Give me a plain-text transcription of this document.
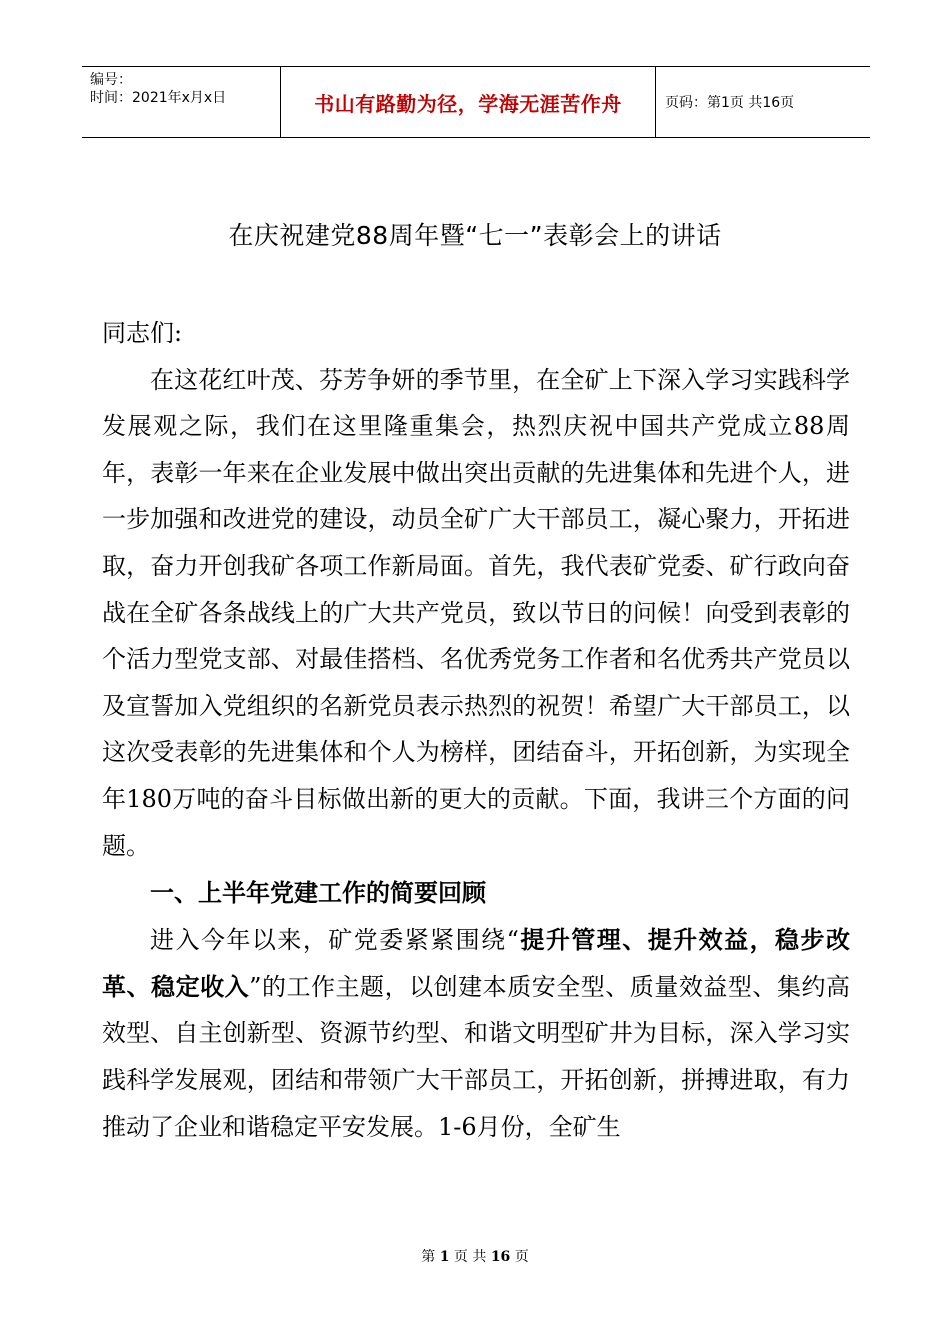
编号：
时间：2021年x月x日	书山有路勤为径，学海无涯苦作舟	页码：第1页 共16页
在庆祝建党88周年暨“七一”表彰会上的讲话

同志们:

在这花红叶茂、芬芳争妍的季节里，在全矿上下深入学习实践科学发展观之际，我们在这里隆重集会，热烈庆祝中国共产党成立88周年，表彰一年来在企业发展中做出突出贡献的先进集体和先进个人，进一步加强和改进党的建设，动员全矿广大干部员工，凝心聚力，开拓进取，奋力开创我矿各项工作新局面。首先，我代表矿党委、矿行政向奋战在全矿各条战线上的广大共产党员，致以节日的问候！向受到表彰的个活力型党支部、对最佳搭档、名优秀党务工作者和名优秀共产党员以及宣誓加入党组织的名新党员表示热烈的祝贺！希望广大干部员工，以这次受表彰的先进集体和个人为榜样，团结奋斗，开拓创新，为实现全年180万吨的奋斗目标做出新的更大的贡献。下面，我讲三个方面的问题。

一、上半年党建工作的简要回顾

进入今年以来，矿党委紧紧围绕“提升管理、提升效益，稳步改革、稳定收入”的工作主题，以创建本质安全型、质量效益型、集约高效型、自主创新型、资源节约型、和谐文明型矿井为目标，深入学习实践科学发展观，团结和带领广大干部员工，开拓创新，拼搏进取，有力推动了企业和谐稳定平安发展。1-6月份，全矿生

第 1 页 共 16 页
